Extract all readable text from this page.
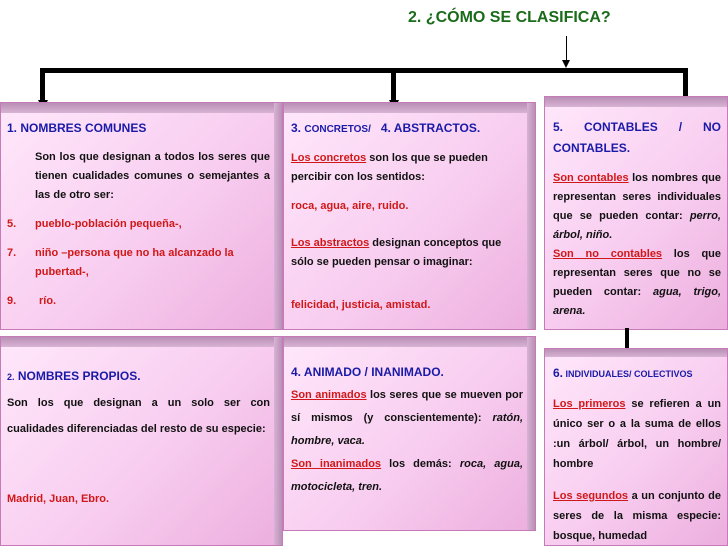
2. ¿CÓMO SE CLASIFICA?

1. NOMBRES COMUNES

Son los que designan a todos los seres que tienen cualidades comunes o semejantes a las de otro ser:

5.	pueblo-población pequeña-,
7.	niño –persona que no ha alcanzado la pubertad-,
9.	río.

3. CONCRETOS/ 4. ABSTRACTOS.

Los concretos son los que se pueden percibir con los sentidos:

roca, agua, aire, ruido.

Los abstractos designan conceptos que sólo se pueden pensar o imaginar:

felicidad, justicia, amistad.

5. CONTABLES / NO CONTABLES.

Son contables los nombres que representan seres individuales que se pueden contar: perro, árbol, niño.

Son no contables los que representan seres que no se pueden contar: agua, trigo, arena.

2. NOMBRES PROPIOS.

Son los que designan a un solo ser con cualidades diferenciadas del resto de su especie:

Madrid, Juan, Ebro.

4. ANIMADO / INANIMADO.

Son animados los seres que se mueven por sí mismos (y conscientemente): ratón, hombre, vaca.

Son inanimados los demás: roca, agua, motocicleta, tren.

6. INDIVIDUALES/ COLECTIVOS

Los primeros se refieren a un único ser o a la suma de ellos :un árbol/ árbol, un hombre/ hombre

Los segundos a un conjunto de seres de la misma especie: bosque, humedad
